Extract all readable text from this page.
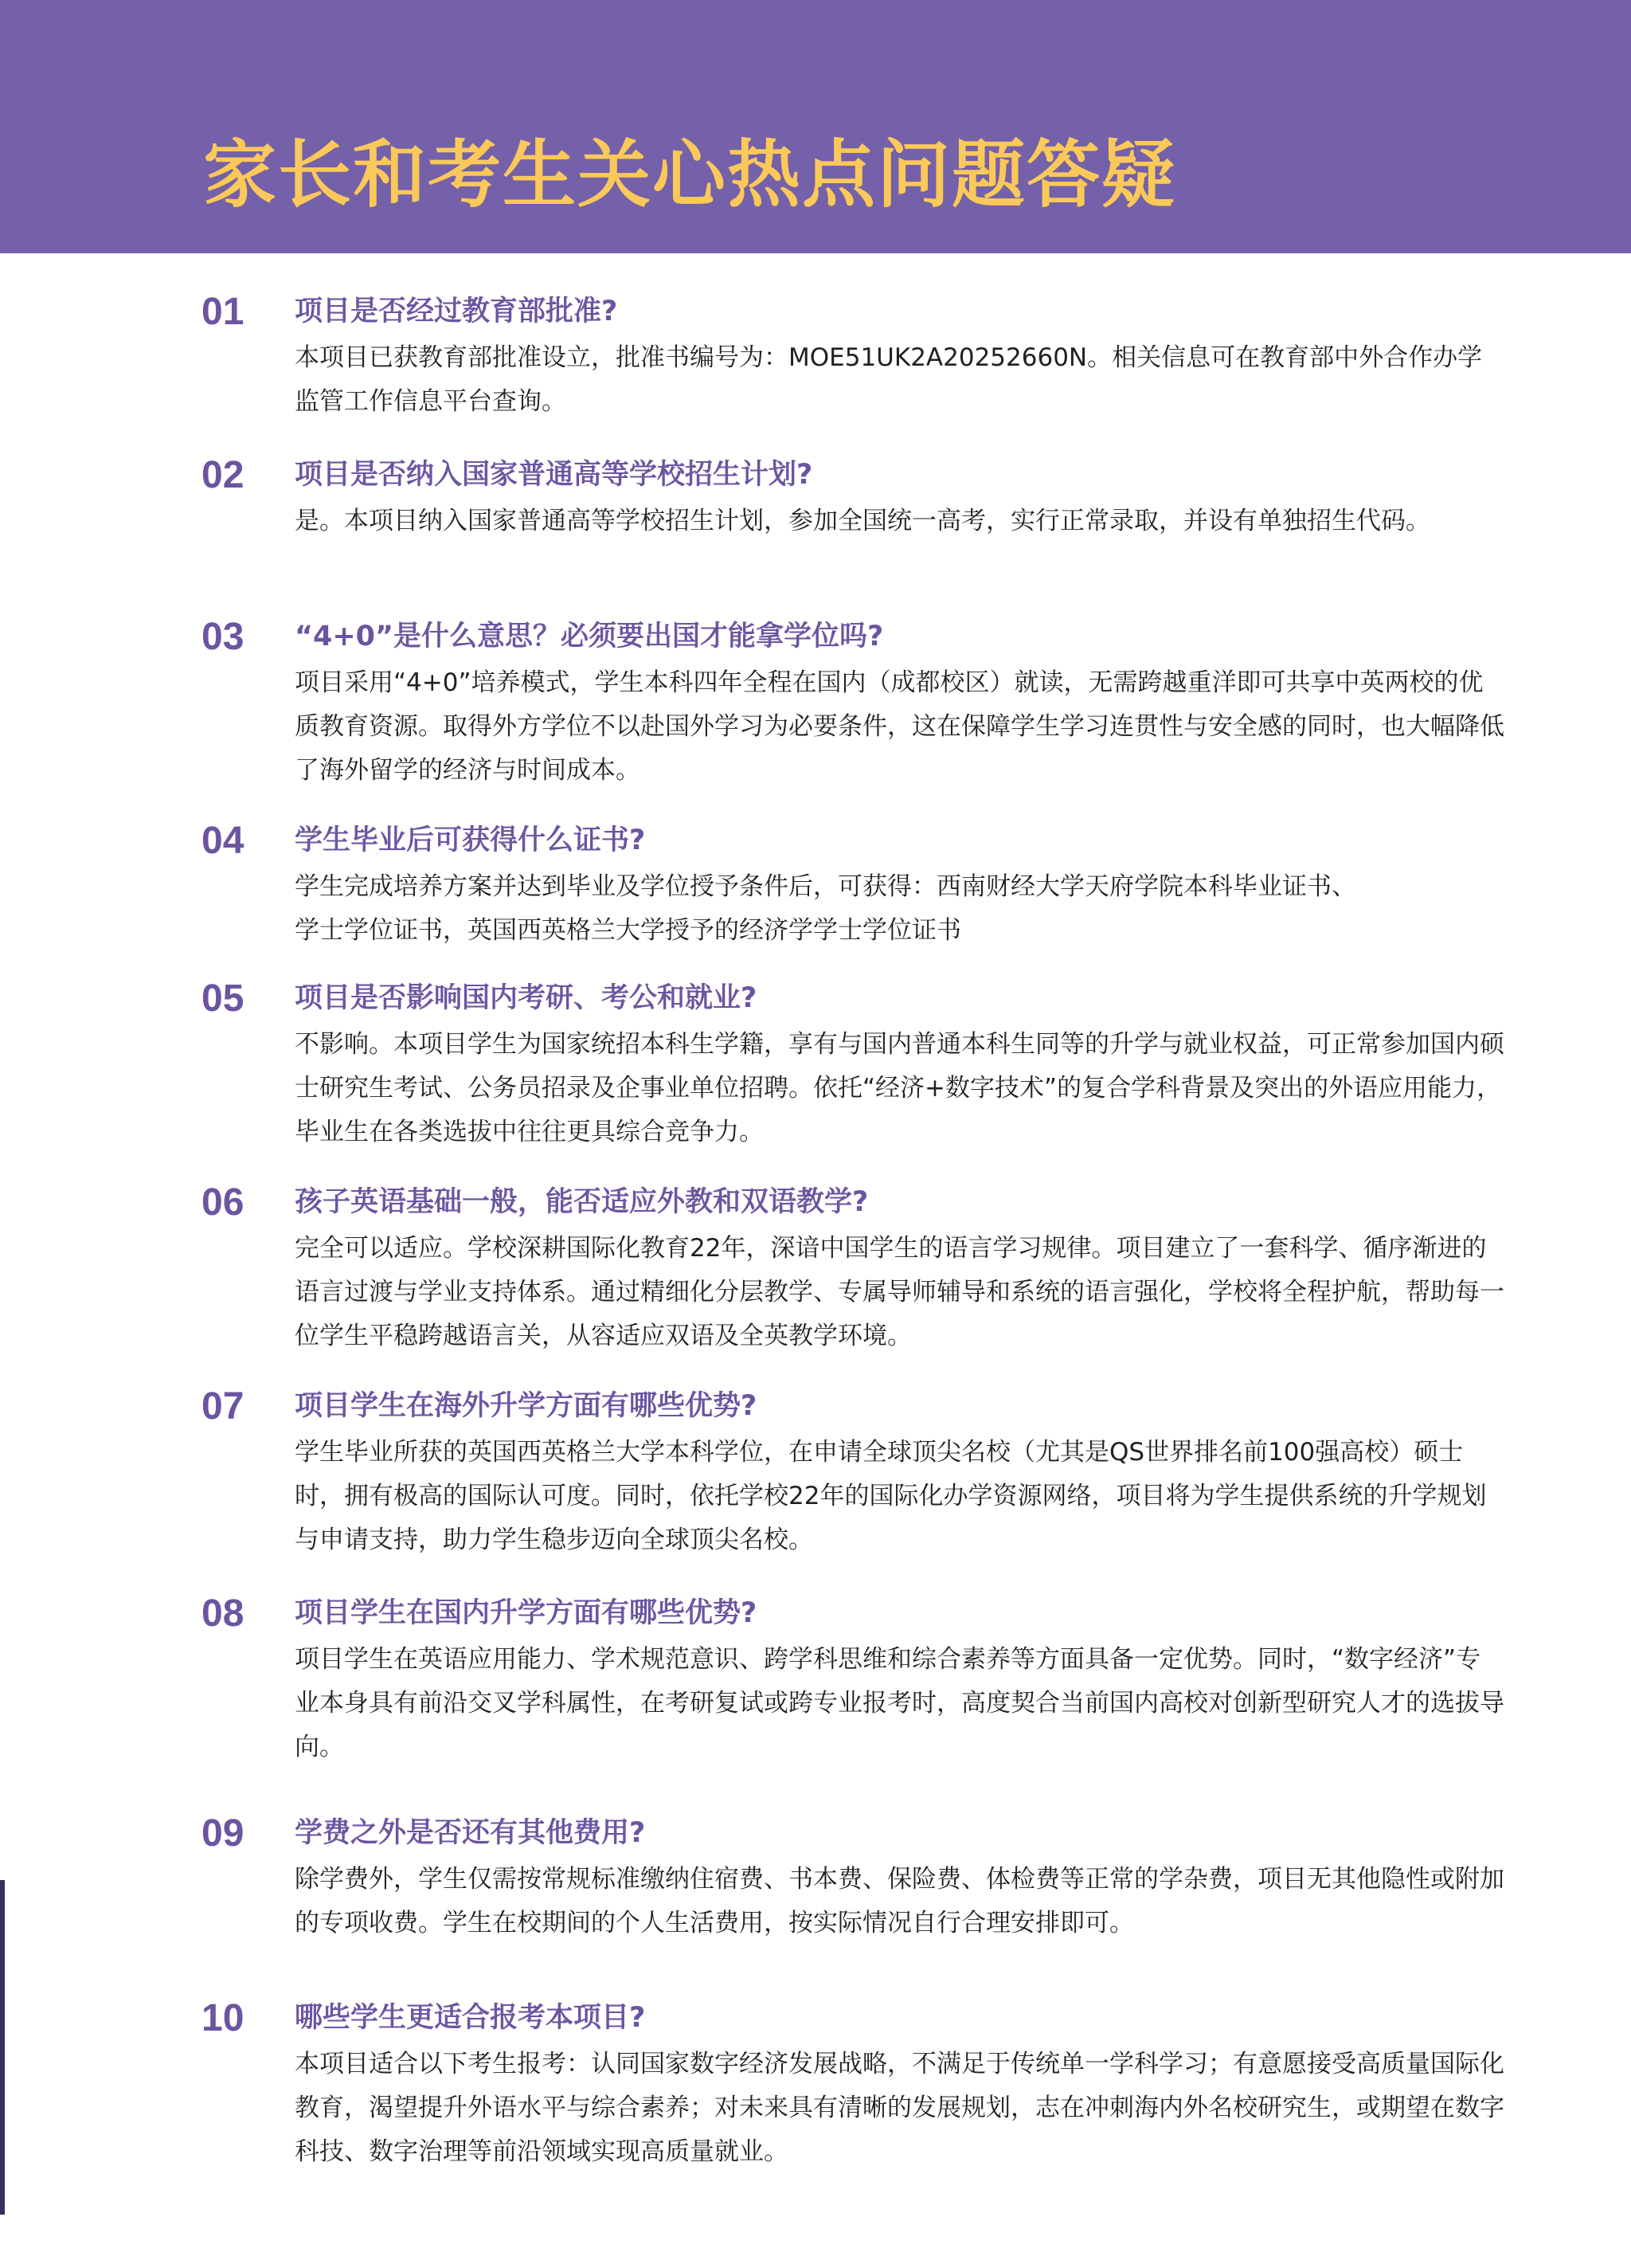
家长和考生关心热点问题答疑
01	项目是否经过教育部批准?
本项目已获教育部批准设立，批准书编号为：MOE51UK2A20252660N。相关信息可在教育部中外合作办学监管工作信息平台查询。
02	项目是否纳入国家普通高等学校招生计划?
是。本项目纳入国家普通高等学校招生计划，参加全国统一高考，实行正常录取，并设有单独招生代码。
03	“4+0”是什么意思？必须要出国才能拿学位吗?
项目采用“4+0”培养模式，学生本科四年全程在国内（成都校区）就读，无需跨越重洋即可共享中英两校的优质教育资源。取得外方学位不以赴国外学习为必要条件，这在保障学生学习连贯性与安全感的同时，也大幅降低了海外留学的经济与时间成本。
04	学生毕业后可获得什么证书?
学生完成培养方案并达到毕业及学位授予条件后，可获得：西南财经大学天府学院本科毕业证书、
学士学位证书，英国西英格兰大学授予的经济学学士学位证书
05	项目是否影响国内考研、考公和就业?
不影响。本项目学生为国家统招本科生学籍，享有与国内普通本科生同等的升学与就业权益，可正常参加国内硕士研究生考试、公务员招录及企事业单位招聘。依托“经济+数字技术”的复合学科背景及突出的外语应用能力，毕业生在各类选拔中往往更具综合竞争力。
06	孩子英语基础一般，能否适应外教和双语教学?
完全可以适应。学校深耕国际化教育22年，深谙中国学生的语言学习规律。项目建立了一套科学、循序渐进的语言过渡与学业支持体系。通过精细化分层教学、专属导师辅导和系统的语言强化，学校将全程护航，帮助每一位学生平稳跨越语言关，从容适应双语及全英教学环境。
07	项目学生在海外升学方面有哪些优势?
学生毕业所获的英国西英格兰大学本科学位，在申请全球顶尖名校（尤其是QS世界排名前100强高校）硕士时，拥有极高的国际认可度。同时，依托学校22年的国际化办学资源网络，项目将为学生提供系统的升学规划与申请支持，助力学生稳步迈向全球顶尖名校。
08	项目学生在国内升学方面有哪些优势?
项目学生在英语应用能力、学术规范意识、跨学科思维和综合素养等方面具备一定优势。同时，“数字经济”专业本身具有前沿交叉学科属性，在考研复试或跨专业报考时，高度契合当前国内高校对创新型研究人才的选拔导向。
09	学费之外是否还有其他费用?
除学费外，学生仅需按常规标准缴纳住宿费、书本费、保险费、体检费等正常的学杂费，项目无其他隐性或附加的专项收费。学生在校期间的个人生活费用，按实际情况自行合理安排即可。
10	哪些学生更适合报考本项目?
本项目适合以下考生报考：认同国家数字经济发展战略，不满足于传统单一学科学习；有意愿接受高质量国际化教育，渴望提升外语水平与综合素养；对未来具有清晰的发展规划，志在冲刺海内外名校研究生，或期望在数字科技、数字治理等前沿领域实现高质量就业。
